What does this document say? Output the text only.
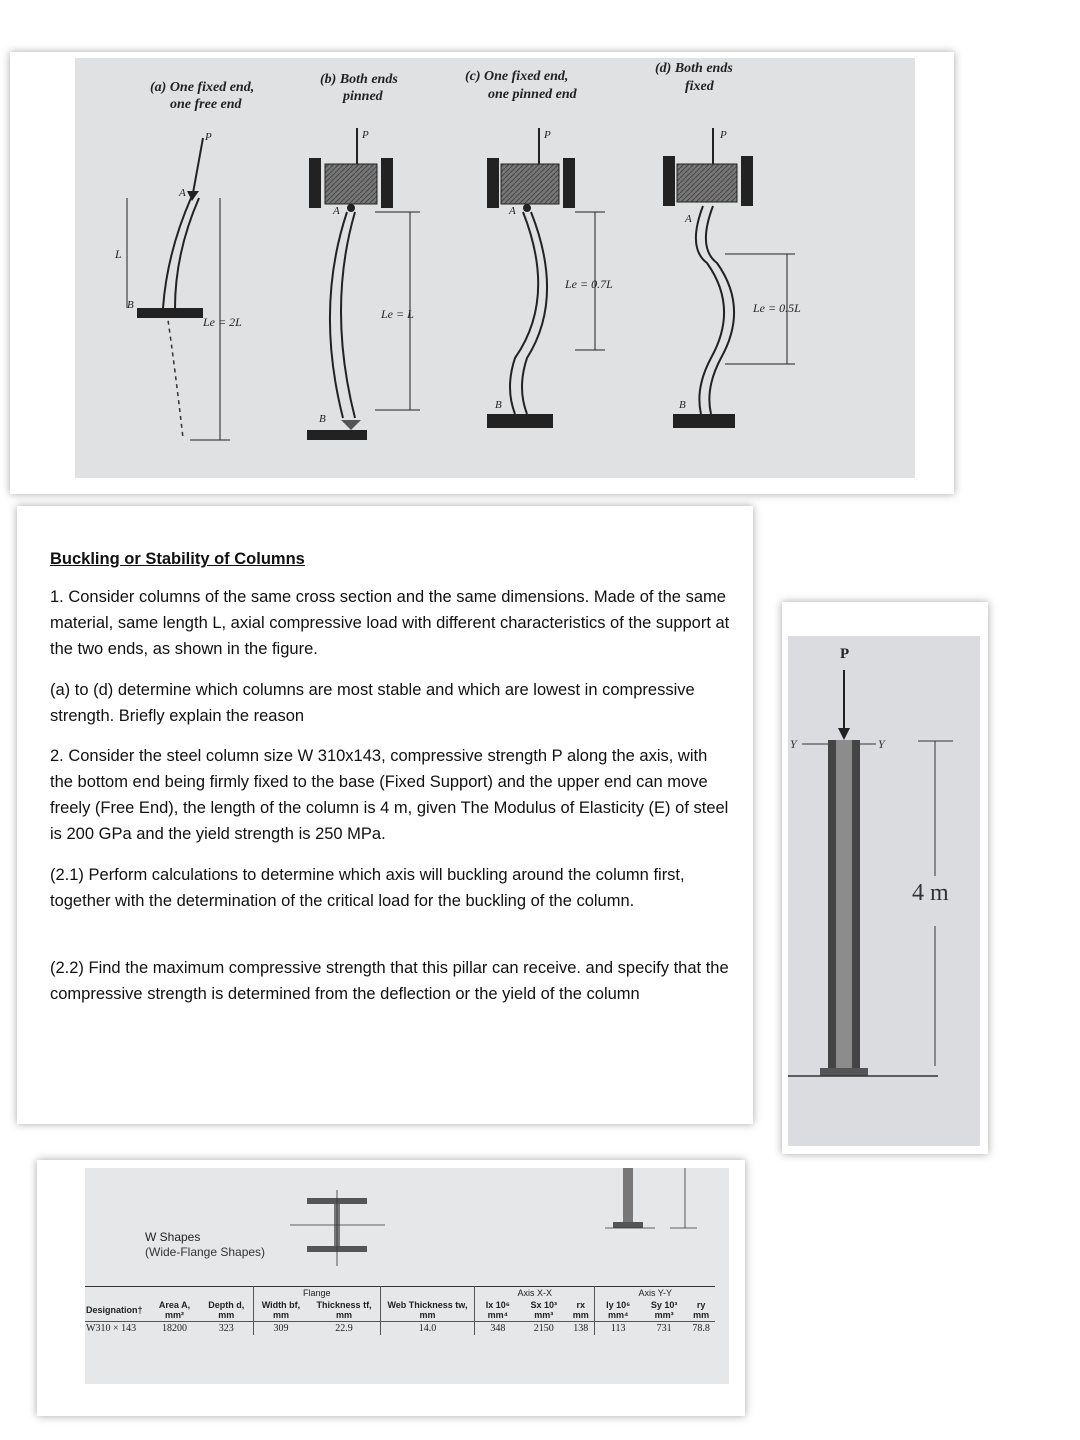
(a) One fixed end,
one free end
(b) Both ends
pinned
(c) One fixed end,
one pinned end
(d) Both ends
fixed
P
A
B
L
Le = 2L
P
A
B
Le = L
P
A
B
Le = 0.7L
P
A
B
Le = 0.5L

Buckling or Stability of Columns

1. Consider columns of the same cross section and the same dimensions. Made of the same material, same length L, axial compressive load with different characteristics of the support at the two ends, as shown in the figure.

(a) to (d) determine which columns are most stable and which are lowest in compressive strength. Briefly explain the reason

2. Consider the steel column size W 310x143, compressive strength P along the axis, with the bottom end being firmly fixed to the base (Fixed Support) and the upper end can move freely (Free End), the length of the column is 4 m, given The Modulus of Elasticity (E) of steel is 200 GPa and the yield strength is 250 MPa.

(2.1) Perform calculations to determine which axis will buckling around the column first, together with the determination of the critical load for the buckling of the column.

(2.2) Find the maximum compressive strength that this pillar can receive. and specify that the compressive strength is determined from the deflection or the yield of the column

P
Y	Y
4 m
W Shapes
(Wide-Flange Shapes)
			Flange			Axis X-X			Axis Y-Y		
Designation†	Area A, mm²	Depth d, mm	Width bf, mm	Thickness tf, mm	Web Thickness tw, mm	Ix 10⁶ mm⁴	Sx 10³ mm³	rx mm	Iy 10⁶ mm⁴	Sy 10³ mm³	ry mm
W310 × 143	18200	323	309	22.9	14.0	348	2150	138	113	731	78.8
